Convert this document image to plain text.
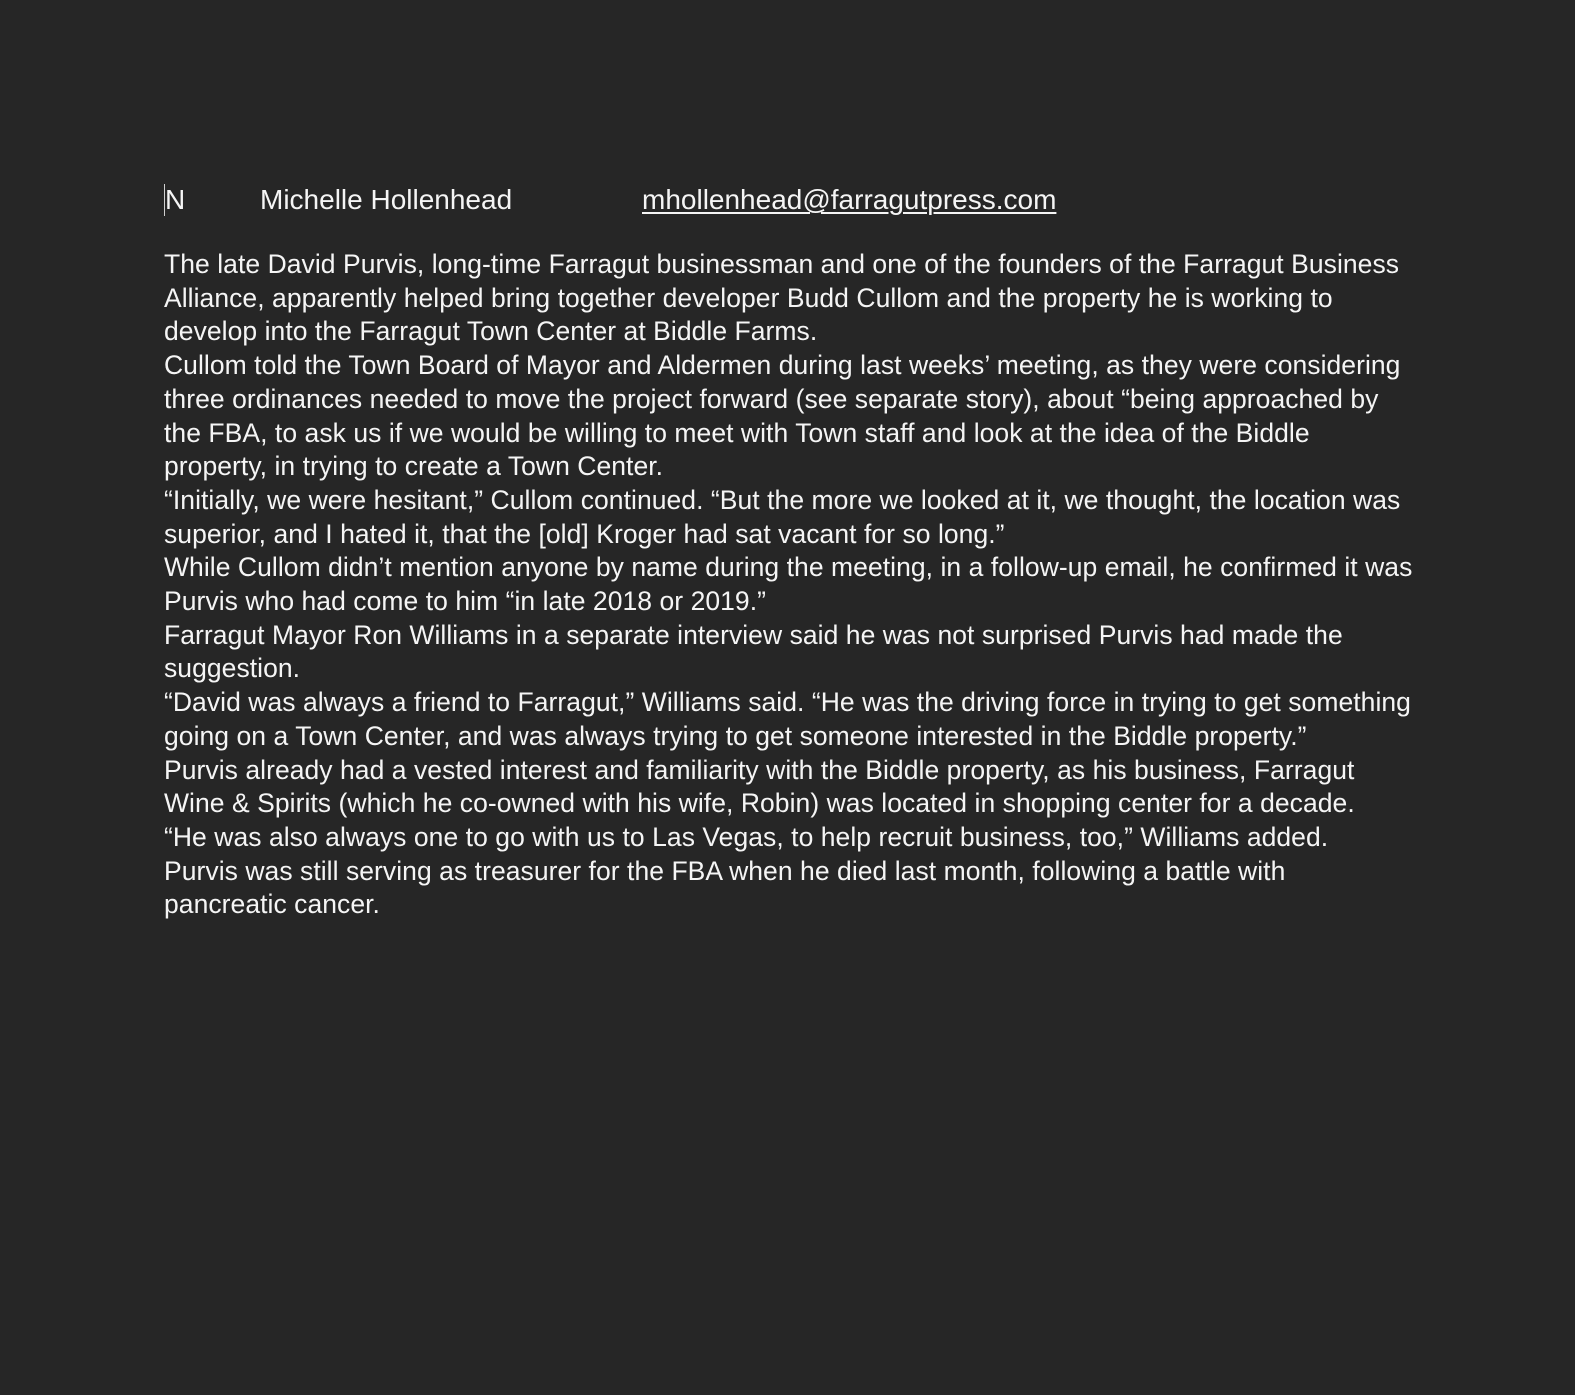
N	Michelle Hollenhead	mhollenhead@farragutpress.com

The late David Purvis, long-time Farragut businessman and one of the founders of the Farragut Business Alliance, apparently helped bring together developer Budd Cullom and the property he is working to develop into the Farragut Town Center at Biddle Farms.

Cullom told the Town Board of Mayor and Aldermen during last weeks’ meeting, as they were considering three ordinances needed to move the project forward (see separate story), about “being approached by the FBA, to ask us if we would be willing to meet with Town staff and look at the idea of the Biddle property, in trying to create a Town Center.

“Initially, we were hesitant,” Cullom continued. “But the more we looked at it, we thought, the location was superior, and I hated it, that the [old] Kroger had sat vacant for so long.”

While Cullom didn’t mention anyone by name during the meeting, in a follow-up email, he confirmed it was Purvis who had come to him “in late 2018 or 2019.”

Farragut Mayor Ron Williams in a separate interview said he was not surprised Purvis had made the suggestion.

“David was always a friend to Farragut,” Williams said. “He was the driving force in trying to get something going on a Town Center, and was always trying to get someone interested in the Biddle property.”

Purvis already had a vested interest and familiarity with the Biddle property, as his business, Farragut Wine & Spirits (which he co-owned with his wife, Robin) was located in shopping center for a decade.

“He was also always one to go with us to Las Vegas, to help recruit business, too,” Williams added.

Purvis was still serving as treasurer for the FBA when he died last month, following a battle with pancreatic cancer.
